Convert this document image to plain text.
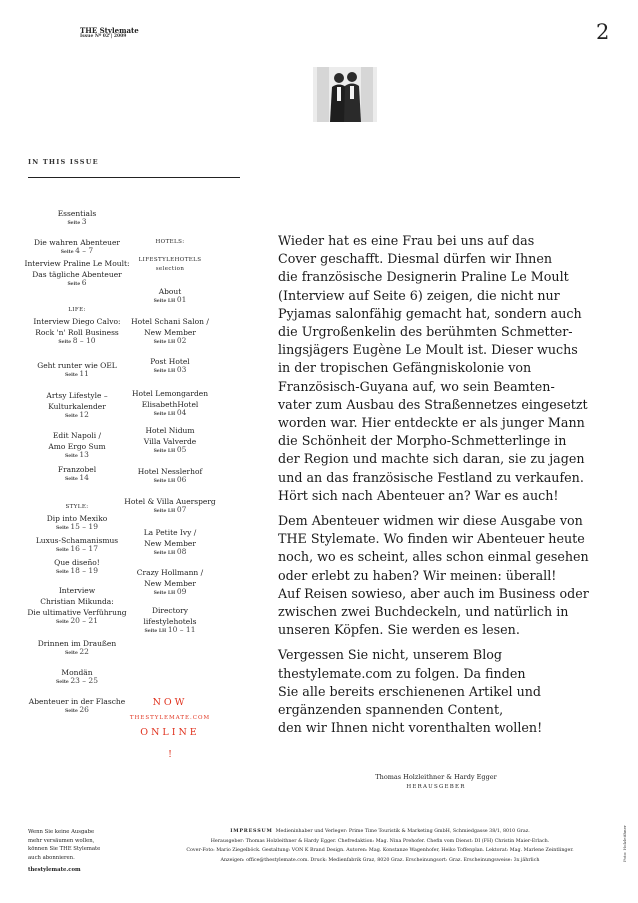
THE Stylemate
Issue Nº 02 | 2009	2
IN THIS ISSUE
Essentials
Seite 3
Die wahren Abenteuer
Seite 4 – 7
Interview Praline Le Moult:
Das tägliche Abenteuer
Seite 6
LIFE:
Interview Diego Calvo:
Rock 'n' Roll Business
Seite 8 – 10
Geht runter wie OEL
Seite 11
Artsy Lifestyle –
Kulturkalender
Seite 12
Edit Napoli /
Amo Ergo Sum
Seite 13
Franzobel
Seite 14
STYLE:
Dip into Mexiko
Seite 15 – 19
Luxus-Schamanismus
Seite 16 – 17
Que diseño!
Seite 18 – 19
Interview
Christian Mikunda:
Die ultimative Verführung
Seite 20 – 21
Drinnen im Draußen
Seite 22
Mondän
Seite 23 – 25
Abenteuer in der Flasche
Seite 26
HOTELS:
LIFESTYLEHOTELS
selection
About
Seite LH 01
Hotel Schani Salon /
New Member
Seite LH 02
Post Hotel
Seite LH 03
Hotel Lemongarden
ElisabethHotel
Seite LH 04
Hotel Nidum
Villa Valverde
Seite LH 05
Hotel Nesslerhof
Seite LH 06
Hotel & Villa Auersperg
Seite LH 07
La Petite Ivy /
New Member
Seite LH 08
Crazy Hollmann /
New Member
Seite LH 09
Directory
lifestylehotels
Seite LH 10 – 11
NOW
THESTYLEMATE.COM
ONLINE
!

Wieder hat es eine Frau bei uns auf das
Cover geschafft. Diesmal dürfen wir Ihnen
die französische Designerin Praline Le Moult
(Interview auf Seite 6) zeigen, die nicht nur
Pyjamas salonfähig gemacht hat, sondern auch
die Urgroßenkelin des berühmten Schmetter-
lingsjägers Eugène Le Moult ist. Dieser wuchs
in der tropischen Gefängniskolonie von
Französisch-Guyana auf, wo sein Beamten-
vater zum Ausbau des Straßennetzes eingesetzt
worden war. Hier entdeckte er als junger Mann
die Schönheit der Morpho-Schmetterlinge in
der Region und machte sich daran, sie zu jagen
und an das französische Festland zu verkaufen.
Hört sich nach Abenteuer an? War es auch!

Dem Abenteuer widmen wir diese Ausgabe von
THE Stylemate. Wo finden wir Abenteuer heute
noch, wo es scheint, alles schon einmal gesehen
oder erlebt zu haben? Wir meinen: überall!
Auf Reisen sowieso, aber auch im Business oder
zwischen zwei Buchdeckeln, und natürlich in
unseren Köpfen. Sie werden es lesen.

Vergessen Sie nicht, unserem Blog
thestylemate.com zu folgen. Da finden
Sie alle bereits erschienenen Artikel und
ergänzenden spannenden Content,
den wir Ihnen nicht vorenthalten wollen!

Thomas Holzleithner & Hardy Egger
HERAUSGEBER
Wenn Sie keine Ausgabe
mehr versäumen wollen,
können Sie THE Stylemate
auch abonnieren.
thestylemate.com
IMPRESSUM Medieninhaber und Verleger: Prime Time Touristik & Marketing GmbH, Schmiedgasse 38/1, 8010 Graz.
Herausgeber: Thomas Holzleithner & Hardy Egger. Chefredaktion: Mag. Nina Prehofer. Chefin vom Dienst: DI (FH) Christin Maier-Erlach.
Cover-Foto: Mario Ziegelböck. Gestaltung: VON K Brand Design. Autoren: Mag. Konstanze Wagenhofer, Heiko Toffenplan. Lektorat: Mag. Marlene Zeintlinger.
Anzeigen: office@thestylemate.com. Druck: Medienfabrik Graz, 8020 Graz. Erscheinungsort: Graz. Erscheinungsweise: 3x jährlich	Foto: Holzleithner
